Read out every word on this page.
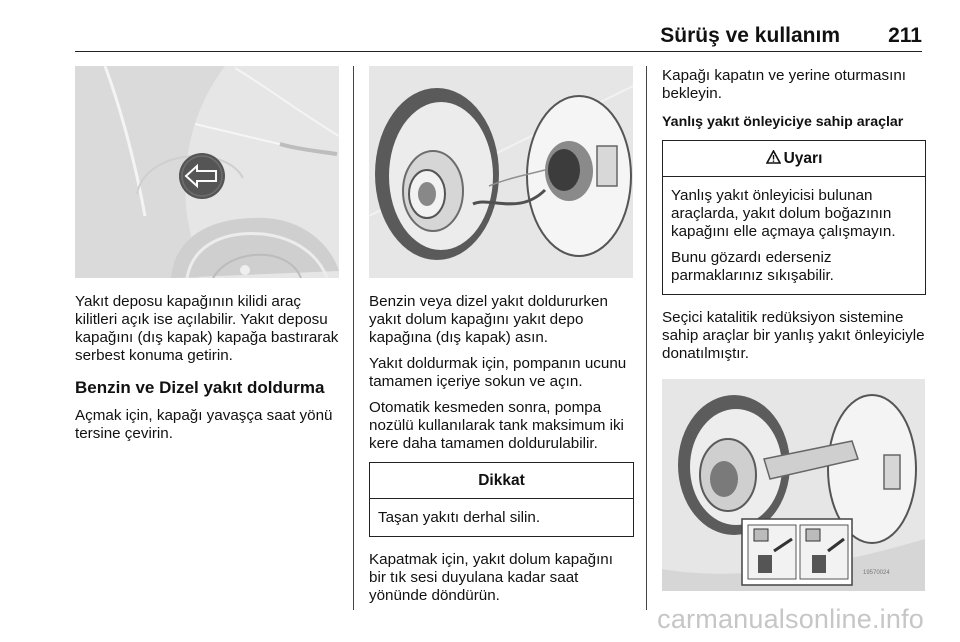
Sürüş ve kullanım 211

Yakıt deposu kapağının kilidi araç kilitleri açık ise açılabilir. Yakıt deposu kapağını (dış kapak) kapağa bastırarak serbest konuma getirin.

Benzin ve Dizel yakıt doldurma

Açmak için, kapağı yavaşça saat yönü tersine çevirin.

Benzin veya dizel yakıt doldururken yakıt dolum kapağını yakıt depo kapağına (dış kapak) asın.

Yakıt doldurmak için, pompanın ucunu tamamen içeriye sokun ve açın.

Otomatik kesmeden sonra, pompa nozülü kullanılarak tank maksimum iki kere daha tamamen doldurulabilir.

Dikkat

Taşan yakıtı derhal silin.

Kapatmak için, yakıt dolum kapağını bir tık sesi duyulana kadar saat yönünde döndürün.

Kapağı kapatın ve yerine oturmasını bekleyin.

Yanlış yakıt önleyiciye sahip araçlar
Uyarı

Yanlış yakıt önleyicisi bulunan araçlarda, yakıt dolum boğazının kapağını elle açmaya çalışmayın.

Bunu gözardı ederseniz parmaklarınız sıkışabilir.

Seçici katalitik redüksiyon sistemine sahip araçlar bir yanlış yakıt önleyiciyle donatılmıştır.

19570024
carmanualsonline.info
